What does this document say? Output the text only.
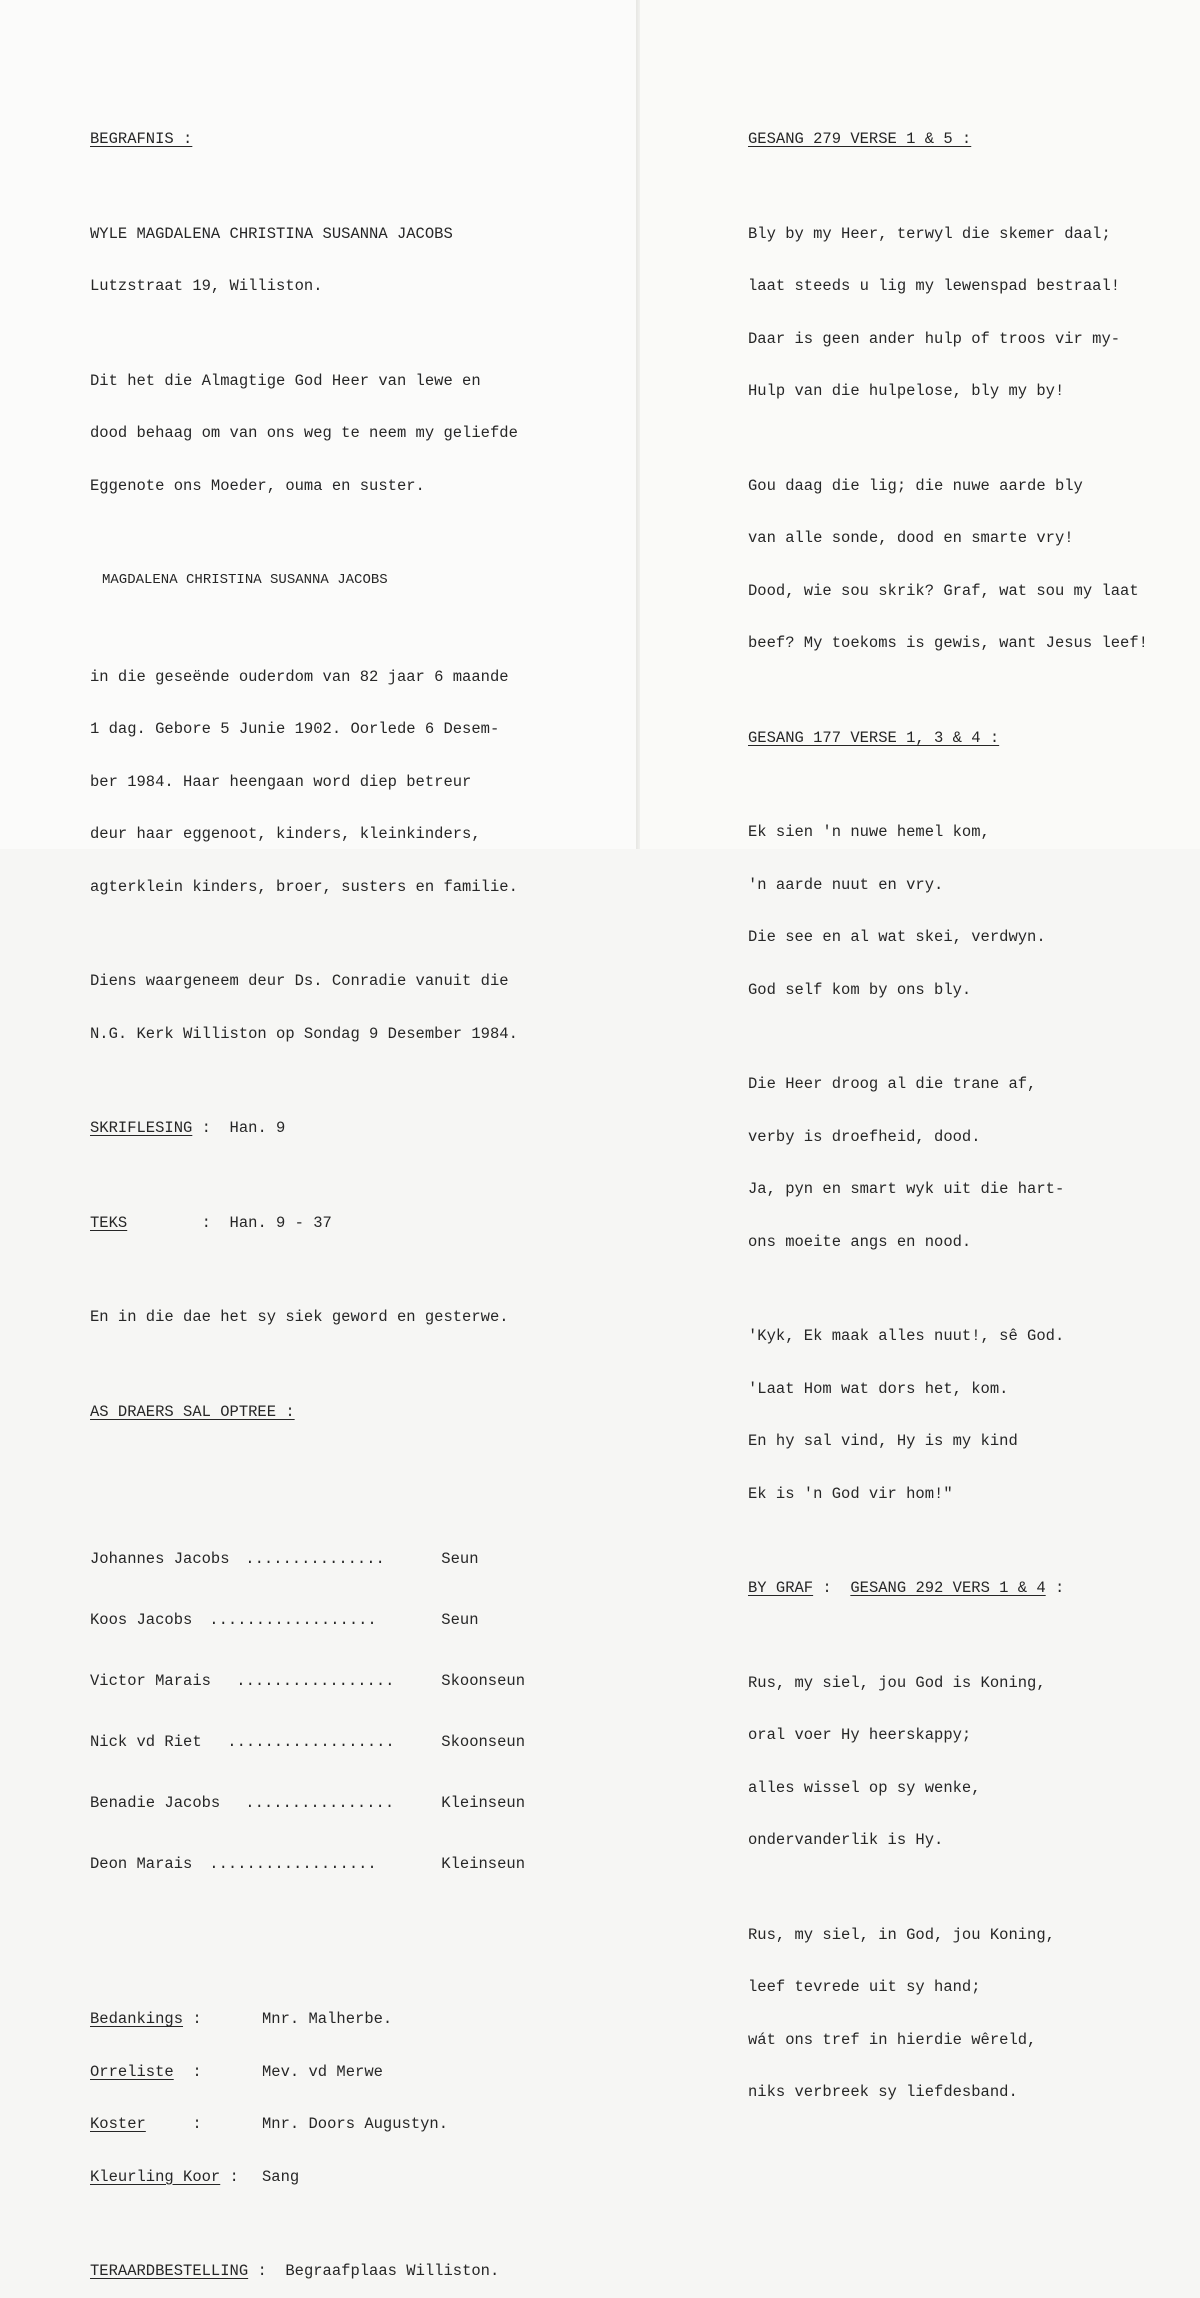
BEGRAFNIS :

WYLE MAGDALENA CHRISTINA SUSANNA JACOBS

Lutzstraat 19, Williston.

Dit het die Almagtige God Heer van lewe en

dood behaag om van ons weg te neem my geliefde

Eggenote ons Moeder, ouma en suster.

MAGDALENA CHRISTINA SUSANNA JACOBS

in die geseënde ouderdom van 82 jaar 6 maande

1 dag. Gebore 5 Junie 1902. Oorlede 6 Desem-

ber 1984. Haar heengaan word diep betreur

deur haar eggenoot, kinders, kleinkinders,

agterklein kinders, broer, susters en familie.

Diens waargeneem deur Ds. Conradie vanuit die

N.G. Kerk Williston op Sondag 9 Desember 1984.

SKRIFLESING :  Han. 9

TEKS	:  Han. 9 - 37

En in die dae het sy siek geword en gesterwe.

AS DRAERS SAL OPTREE :

Johannes Jacobs ...............	Seun

Koos Jacobs ..................	Seun

Victor Marais	.................	Skoonseun

Nick vd Riet	..................	Skoonseun

Benadie Jacobs	................	Kleinseun

Deon Marais ..................	Kleinseun

Bedankings :	Mnr. Malherbe.

Orreliste  :	Mev. vd Merwe

Koster     :	Mnr. Doors Augustyn.

Kleurling Koor :	Sang

TERAARDBESTELLING :  Begraafplaas Williston.

GESANG 279 VERSE 1 & 5 :

Bly by my Heer, terwyl die skemer daal;

laat steeds u lig my lewenspad bestraal!

Daar is geen ander hulp of troos vir my-

Hulp van die hulpelose, bly my by!

Gou daag die lig; die nuwe aarde bly

van alle sonde, dood en smarte vry!

Dood, wie sou skrik? Graf, wat sou my laat

beef? My toekoms is gewis, want Jesus leef!

GESANG 177 VERSE 1, 3 & 4 :

Ek sien 'n nuwe hemel kom,

'n aarde nuut en vry.

Die see en al wat skei, verdwyn.

God self kom by ons bly.

Die Heer droog al die trane af,

verby is droefheid, dood.

Ja, pyn en smart wyk uit die hart-

ons moeite angs en nood.

'Kyk, Ek maak alles nuut!, sê God.

'Laat Hom wat dors het, kom.

En hy sal vind, Hy is my kind

Ek is 'n God vir hom!"

BY GRAF :  GESANG 292 VERS 1 & 4 :

Rus, my siel, jou God is Koning,

oral voer Hy heerskappy;

alles wissel op sy wenke,

ondervanderlik is Hy.

Rus, my siel, in God, jou Koning,

leef tevrede uit sy hand;

wát ons tref in hierdie wêreld,

niks verbreek sy liefdesband.
